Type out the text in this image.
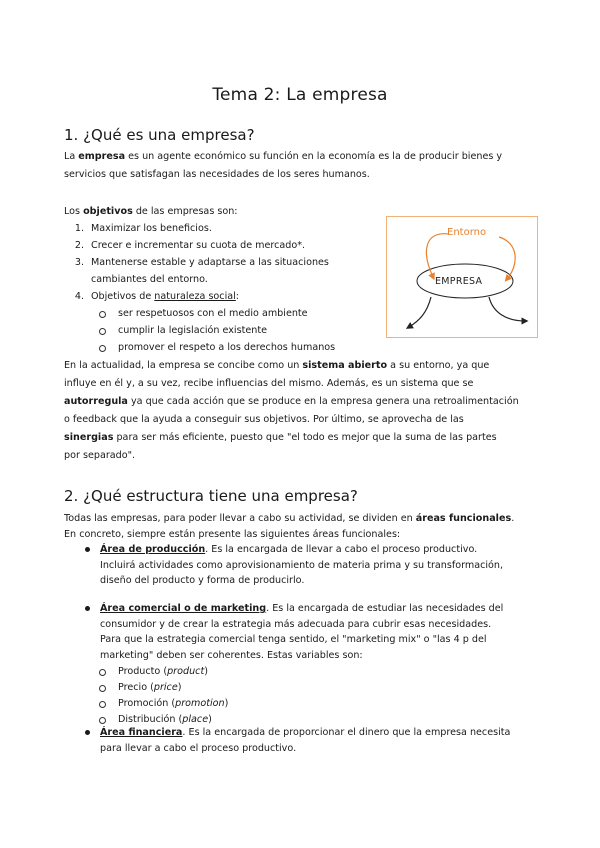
Tema 2: La empresa
1. ¿Qué es una empresa?
La empresa es un agente económico su función en la economía es la de producir bienes y
servicios que satisfagan las necesidades de los seres humanos.
Los objetivos de las empresas son:
1. Maximizar los beneficios.
2. Crecer e incrementar su cuota de mercado*.
3. Mantenerse estable y adaptarse a las situaciones
cambiantes del entorno.
4. Objetivos de naturaleza social:
ser respetuosos con el medio ambiente
cumplir la legislación existente
promover el respeto a los derechos humanos
Entorno
EMPRESA
En la actualidad, la empresa se concibe como un sistema abierto a su entorno, ya que
influye en él y, a su vez, recibe influencias del mismo. Además, es un sistema que se
autorregula ya que cada acción que se produce en la empresa genera una retroalimentación
o feedback que la ayuda a conseguir sus objetivos. Por último, se aprovecha de las
sinergias para ser más eficiente, puesto que "el todo es mejor que la suma de las partes
por separado".
2. ¿Qué estructura tiene una empresa?
Todas las empresas, para poder llevar a cabo su actividad, se dividen en áreas funcionales.
En concreto, siempre están presente las siguientes áreas funcionales:
Área de producción. Es la encargada de llevar a cabo el proceso productivo.
Incluirá actividades como aprovisionamiento de materia prima y su transformación,
diseño del producto y forma de producirlo.
Área comercial o de marketing. Es la encargada de estudiar las necesidades del
consumidor y de crear la estrategia más adecuada para cubrir esas necesidades.
Para que la estrategia comercial tenga sentido, el "marketing mix" o "las 4 p del
marketing" deben ser coherentes. Estas variables son:
Producto (product)
Precio (price)
Promoción (promotion)
Distribución (place)
Área financiera. Es la encargada de proporcionar el dinero que la empresa necesita
para llevar a cabo el proceso productivo.
